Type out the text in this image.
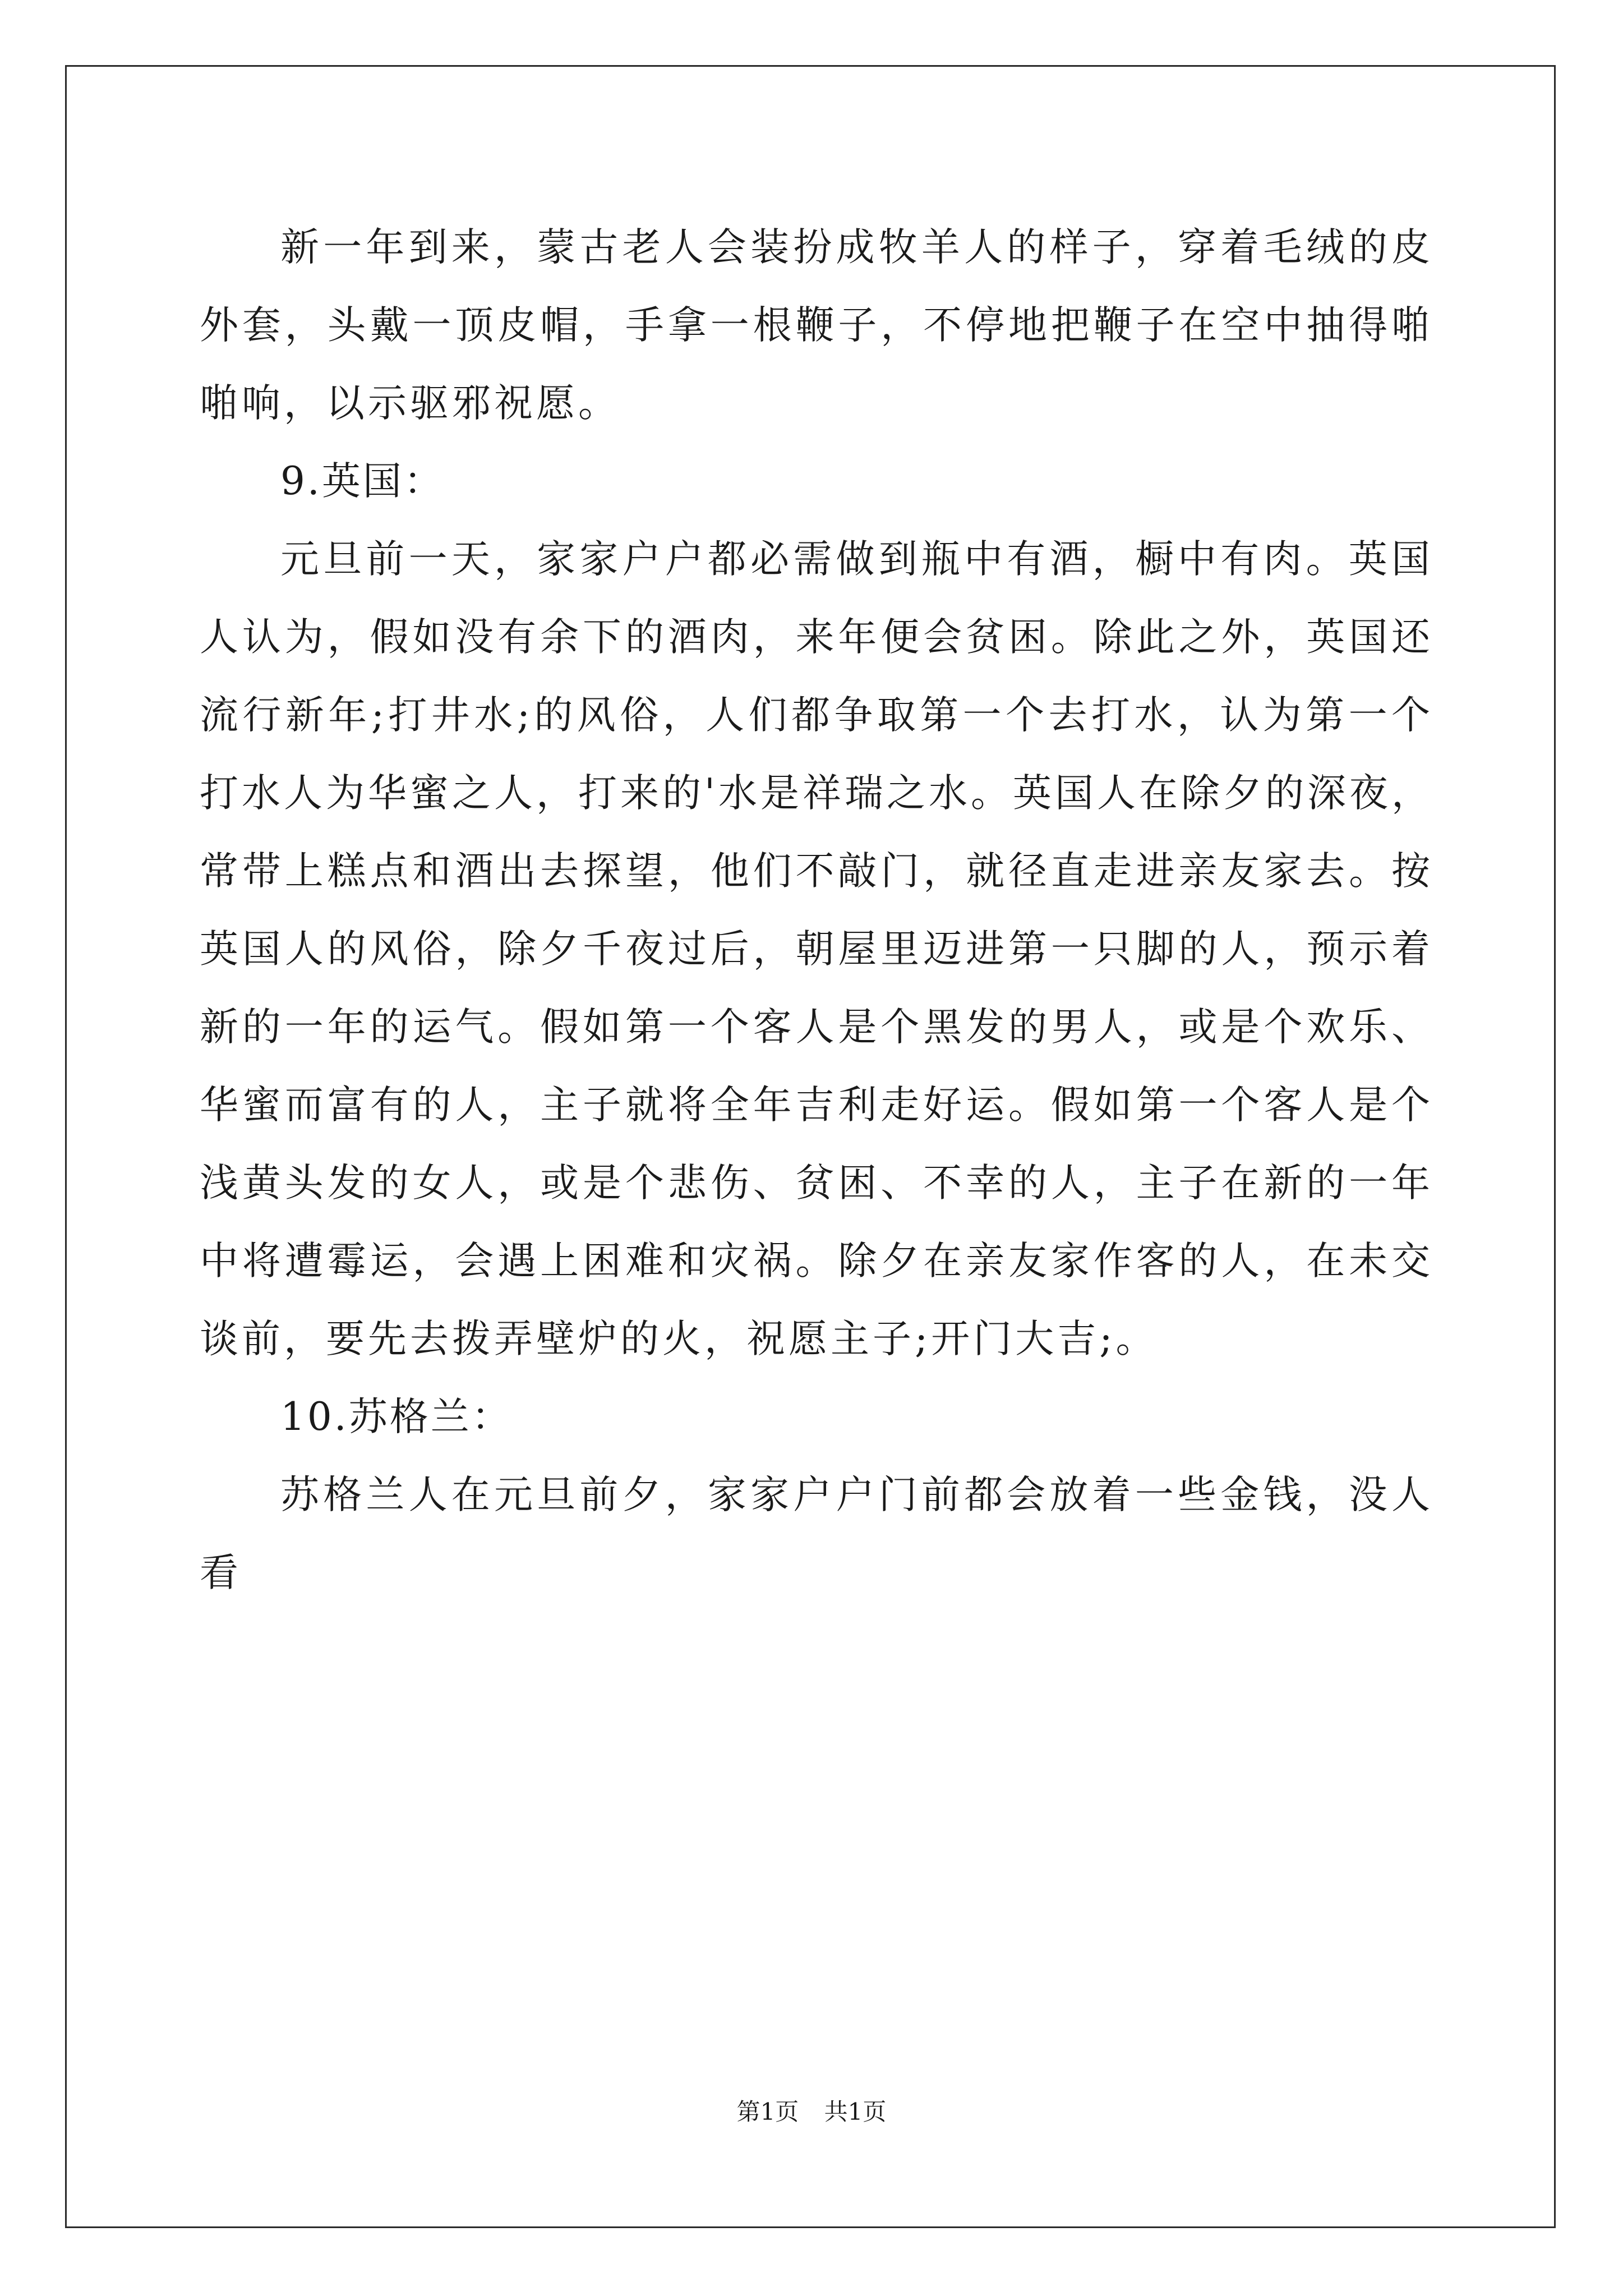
新一年到来，蒙古老人会装扮成牧羊人的样子，穿着毛绒的皮外套，头戴一顶皮帽，手拿一根鞭子，不停地把鞭子在空中抽得啪啪响，以示驱邪祝愿。

9.英国：

元旦前一天，家家户户都必需做到瓶中有酒，橱中有肉。英国人认为，假如没有余下的酒肉，来年便会贫困。除此之外，英国还流行新年;打井水;的风俗，人们都争取第一个去打水，认为第一个打水人为华蜜之人，打来的'水是祥瑞之水。英国人在除夕的深夜，常带上糕点和酒出去探望，他们不敲门，就径直走进亲友家去。按英国人的风俗，除夕千夜过后，朝屋里迈进第一只脚的人，预示着新的一年的运气。假如第一个客人是个黑发的男人，或是个欢乐、华蜜而富有的人，主子就将全年吉利走好运。假如第一个客人是个浅黄头发的女人，或是个悲伤、贫困、不幸的人，主子在新的一年中将遭霉运，会遇上困难和灾祸。除夕在亲友家作客的人，在未交谈前，要先去拨弄壁炉的火，祝愿主子;开门大吉;。

10.苏格兰：

苏格兰人在元旦前夕，家家户户门前都会放着一些金钱，没人看

第1页 共1页
